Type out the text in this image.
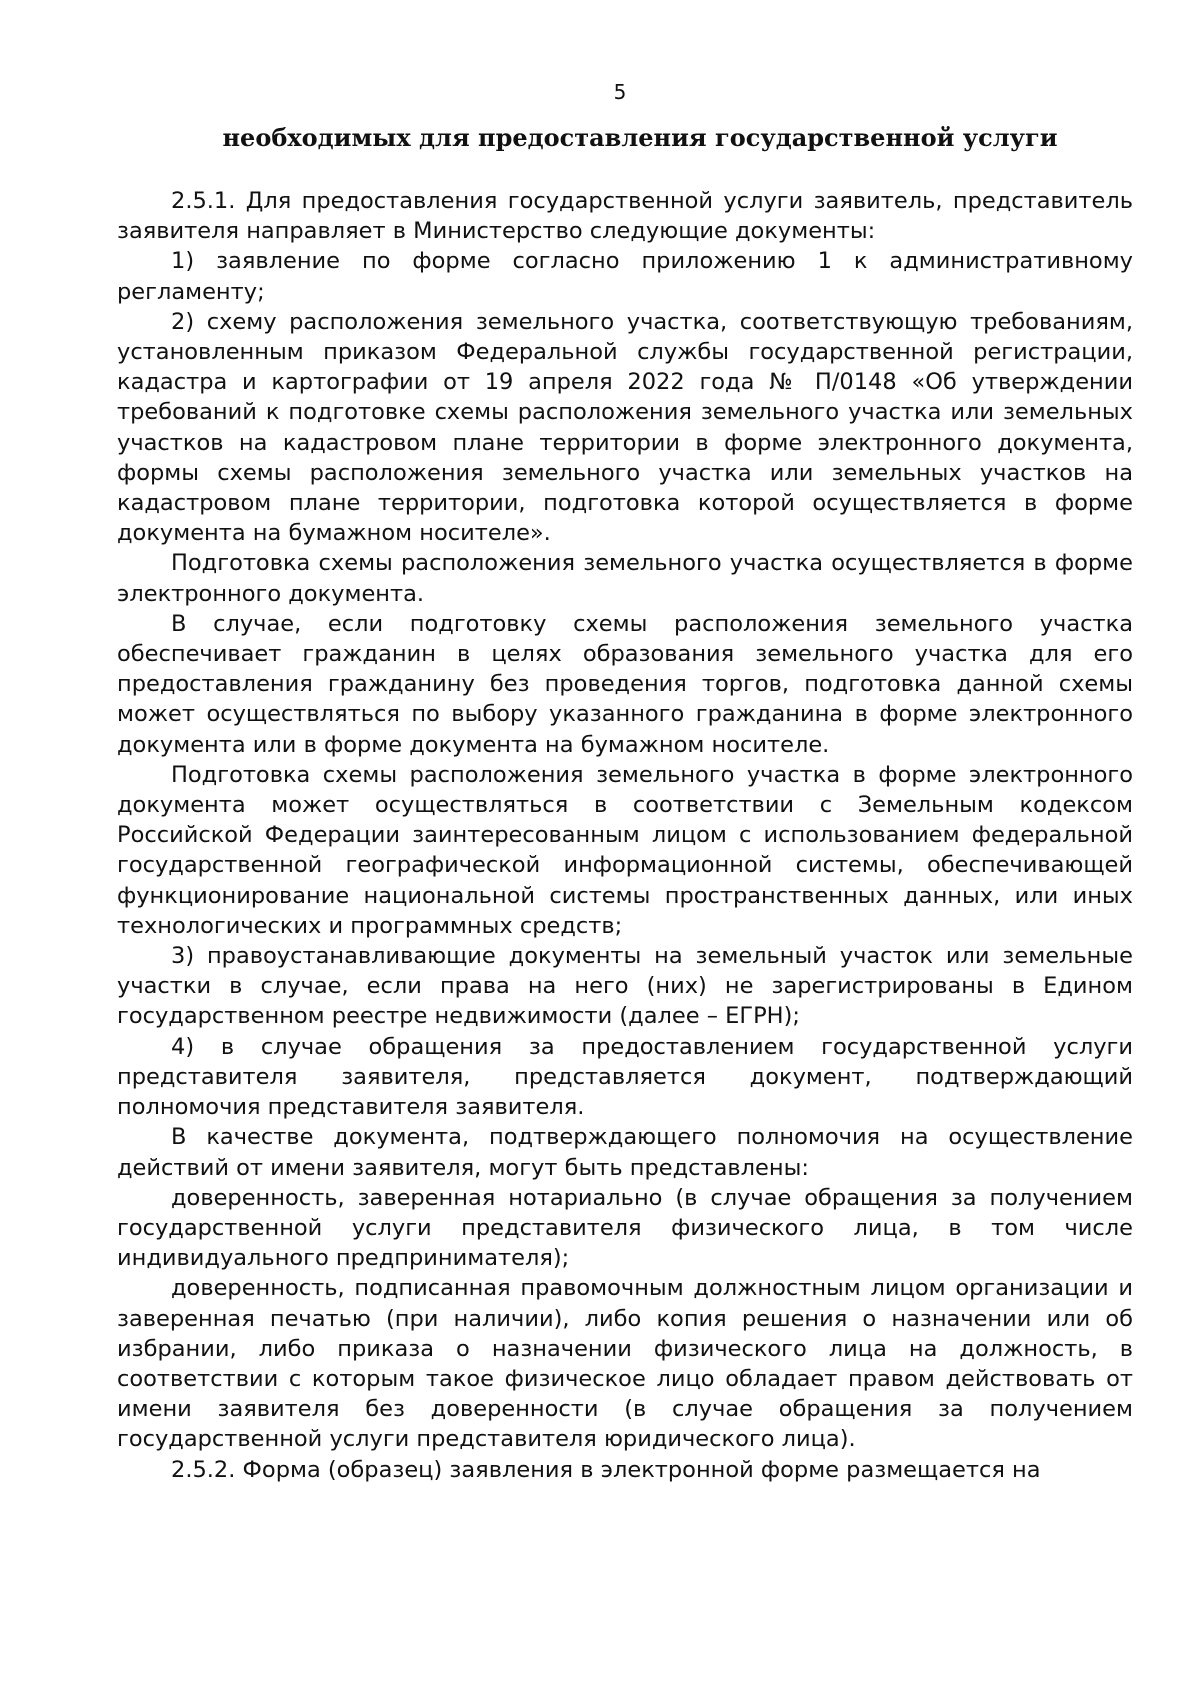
5
необходимых для предоставления государственной услуги

2.5.1. Для предоставления государственной услуги заявитель, представитель заявителя направляет в Министерство следующие документы:

1) заявление по форме согласно приложению 1 к административному регламенту;

2) схему расположения земельного участка, соответствующую требованиям, установленным приказом Федеральной службы государственной регистрации, кадастра и картографии от 19 апреля 2022 года № П/0148 «Об утверждении требований к подготовке схемы расположения земельного участка или земельных участков на кадастровом плане территории в форме электронного документа, формы схемы расположения земельного участка или земельных участков на кадастровом плане территории, подготовка которой осуществляется в форме документа на бумажном носителе».

Подготовка схемы расположения земельного участка осуществляется в форме электронного документа.

В случае, если подготовку схемы расположения земельного участка обеспечивает гражданин в целях образования земельного участка для его предоставления гражданину без проведения торгов, подготовка данной схемы может осуществляться по выбору указанного гражданина в форме электронного документа или в форме документа на бумажном носителе.

Подготовка схемы расположения земельного участка в форме электронного документа может осуществляться в соответствии с Земельным кодексом Российской Федерации заинтересованным лицом с использованием федеральной государственной географической информационной системы, обеспечивающей функционирование национальной системы пространственных данных, или иных технологических и программных средств;

3) правоустанавливающие документы на земельный участок или земельные участки в случае, если права на него (них) не зарегистрированы в Едином государственном реестре недвижимости (далее – ЕГРН);

4) в случае обращения за предоставлением государственной услуги представителя заявителя, представляется документ, подтверждающий полномочия представителя заявителя.

В качестве документа, подтверждающего полномочия на осуществление действий от имени заявителя, могут быть представлены:

доверенность, заверенная нотариально (в случае обращения за получением государственной услуги представителя физического лица, в том числе индивидуального предпринимателя);

доверенность, подписанная правомочным должностным лицом организации и заверенная печатью (при наличии), либо копия решения о назначении или об избрании, либо приказа о назначении физического лица на должность, в соответствии с которым такое физическое лицо обладает правом действовать от имени заявителя без доверенности (в случае обращения за получением государственной услуги представителя юридического лица).

2.5.2. Форма (образец) заявления в электронной форме размещается на
